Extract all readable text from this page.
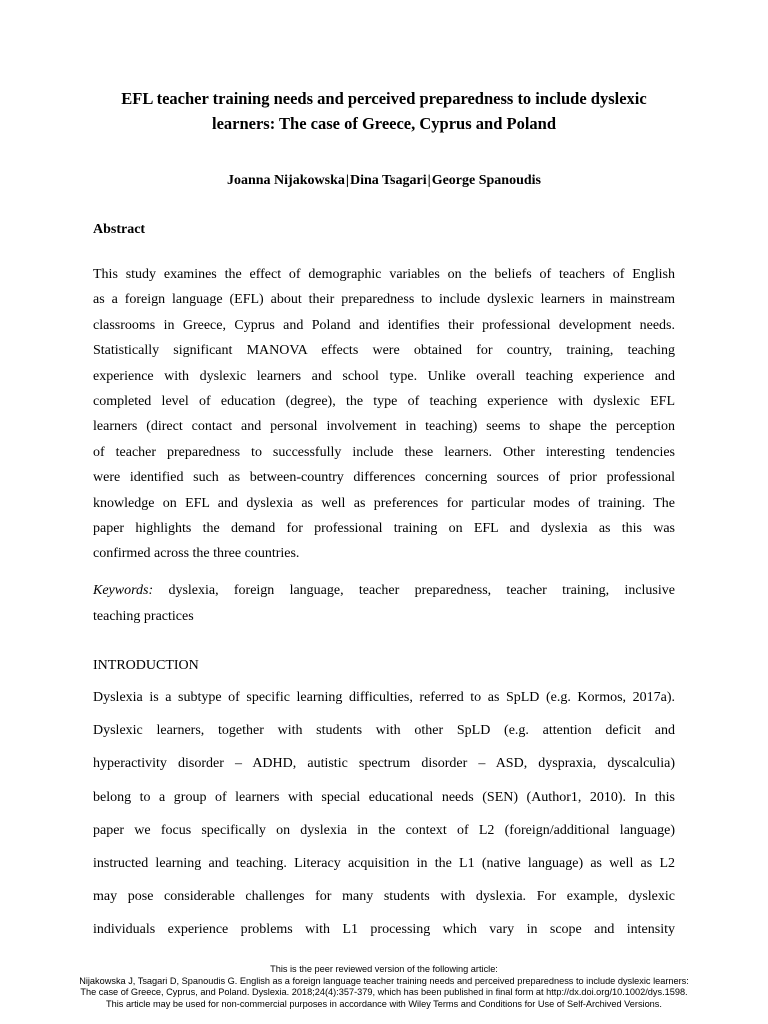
EFL teacher training needs and perceived preparedness to include dyslexic
learners: The case of Greece, Cyprus and Poland
Joanna Nijakowska|Dina Tsagari|George Spanoudis
Abstract
This study examines the effect of demographic variables on the beliefs of teachers of English
as a foreign language (EFL) about their preparedness to include dyslexic learners in mainstream
classrooms in Greece, Cyprus and Poland and identifies their professional development needs.
Statistically significant MANOVA effects were obtained for country, training, teaching
experience with dyslexic learners and school type. Unlike overall teaching experience and
completed level of education (degree), the type of teaching experience with dyslexic EFL
learners (direct contact and personal involvement in teaching) seems to shape the perception
of teacher preparedness to successfully include these learners. Other interesting tendencies
were identified such as between-country differences concerning sources of prior professional
knowledge on EFL and dyslexia as well as preferences for particular modes of training. The
paper highlights the demand for professional training on EFL and dyslexia as this was
confirmed across the three countries.
Keywords: dyslexia, foreign language, teacher preparedness, teacher training, inclusive
teaching practices
INTRODUCTION
Dyslexia is a subtype of specific learning difficulties, referred to as SpLD (e.g. Kormos, 2017a).
Dyslexic learners, together with students with other SpLD (e.g. attention deficit and
hyperactivity disorder – ADHD, autistic spectrum disorder – ASD, dyspraxia, dyscalculia)
belong to a group of learners with special educational needs (SEN) (Author1, 2010). In this
paper we focus specifically on dyslexia in the context of L2 (foreign/additional language)
instructed learning and teaching. Literacy acquisition in the L1 (native language) as well as L2
may pose considerable challenges for many students with dyslexia. For example, dyslexic
individuals experience problems with L1 processing which vary in scope and intensity
This is the peer reviewed version of the following article:
Nijakowska J, Tsagari D, Spanoudis G. English as a foreign language teacher training needs and perceived preparedness to include dyslexic learners:
The case of Greece, Cyprus, and Poland. Dyslexia. 2018;24(4):357-379, which has been published in final form at http://dx.doi.org/10.1002/dys.1598.
This article may be used for non-commercial purposes in accordance with Wiley Terms and Conditions for Use of Self-Archived Versions.
